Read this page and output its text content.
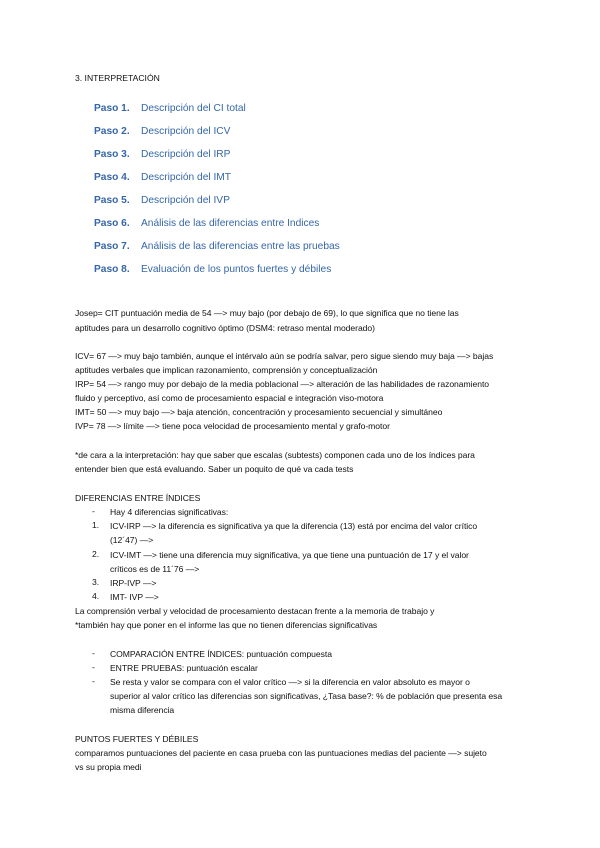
3. INTERPRETACIÓN
Paso 1. Descripción del CI total
Paso 2. Descripción del ICV
Paso 3. Descripción del IRP
Paso 4. Descripción del IMT
Paso 5. Descripción del IVP
Paso 6. Análisis de las diferencias entre Indices
Paso 7. Análisis de las diferencias entre las pruebas
Paso 8. Evaluación de los puntos fuertes y débiles
Josep= CIT puntuación media de 54 —> muy bajo (por debajo de 69), lo que significa que no tiene las
aptitudes para un desarrollo cognitivo óptimo (DSM4: retraso mental moderado)
ICV= 67 —> muy bajo también, aunque el intérvalo aún se podría salvar, pero sigue siendo muy baja —> bajas
aptitudes verbales que implican razonamiento, comprensión y conceptualización
IRP= 54 —> rango muy por debajo de la media poblacional —> alteración de las habilidades de razonamiento
fluido y perceptivo, así como de procesamiento espacial e integración viso-motora
IMT= 50 —> muy bajo —> baja atención, concentración y procesamiento secuencial y simultáneo
IVP= 78 —> límite —> tiene poca velocidad de procesamiento mental y grafo-motor
*de cara a la interpretación: hay que saber que escalas (subtests) componen cada uno de los índices para
entender bien que está evaluando. Saber un poquito de qué va cada tests
DIFERENCIAS ENTRE ÍNDICES
- Hay 4 diferencias significativas:
1. ICV-IRP —> la diferencia es significativa ya que la diferencia (13) está por encima del valor crítico
(12´47) —>
2. ICV-IMT —> tiene una diferencia muy significativa, ya que tiene una puntuación de 17 y el valor
críticos es de 11´76 —>
3. IRP-IVP —>
4. IMT- IVP —>
La comprensión verbal y velocidad de procesamiento destacan frente a la memoria de trabajo y
*también hay que poner en el informe las que no tienen diferencias significativas
- COMPARACIÓN ENTRE ÍNDICES: puntuación compuesta
- ENTRE PRUEBAS: puntuación escalar
- Se resta y valor se compara con el valor crítico —> si la diferencia en valor absoluto es mayor o
superior al valor crítico las diferencias son significativas, ¿Tasa base?: % de población que presenta esa
misma diferencia
PUNTOS FUERTES Y DÉBILES
comparamos puntuaciones del paciente en casa prueba con las puntuaciones medias del paciente —> sujeto
vs su propia medi
